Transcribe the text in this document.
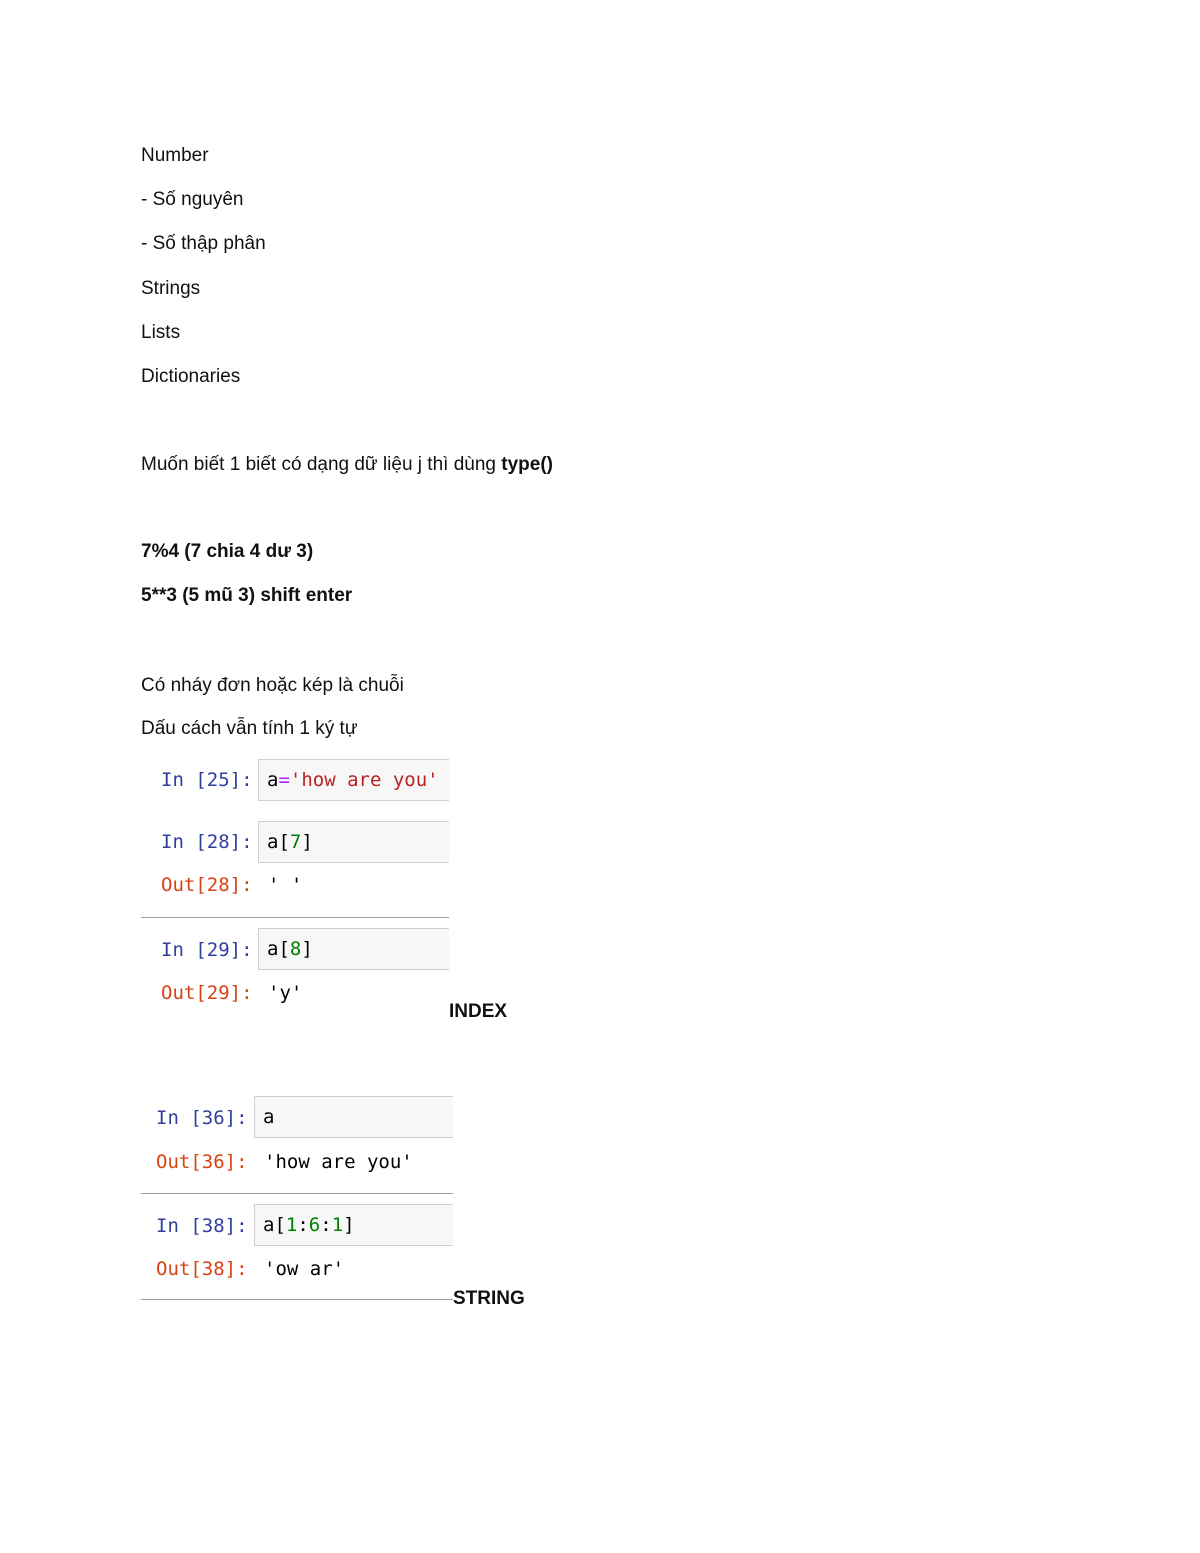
Number
- Số nguyên
- Số thập phân
Strings
Lists
Dictionaries
Muốn biết 1 biết có dạng dữ liệu j thì dùng type()
7%4 (7 chia 4 dư 3)
5**3 (5 mũ 3) shift enter
Có nháy đơn hoặc kép là chuỗi
Dấu cách vẫn tính 1 ký tự
In [25]: a='how are you'
In [28]: a[7]
Out[28]: ' '
In [29]: a[8]
Out[29]: 'y'
INDEX
In [36]: a
Out[36]: 'how are you'
In [38]: a[1:6:1]
Out[38]: 'ow ar'
STRING
